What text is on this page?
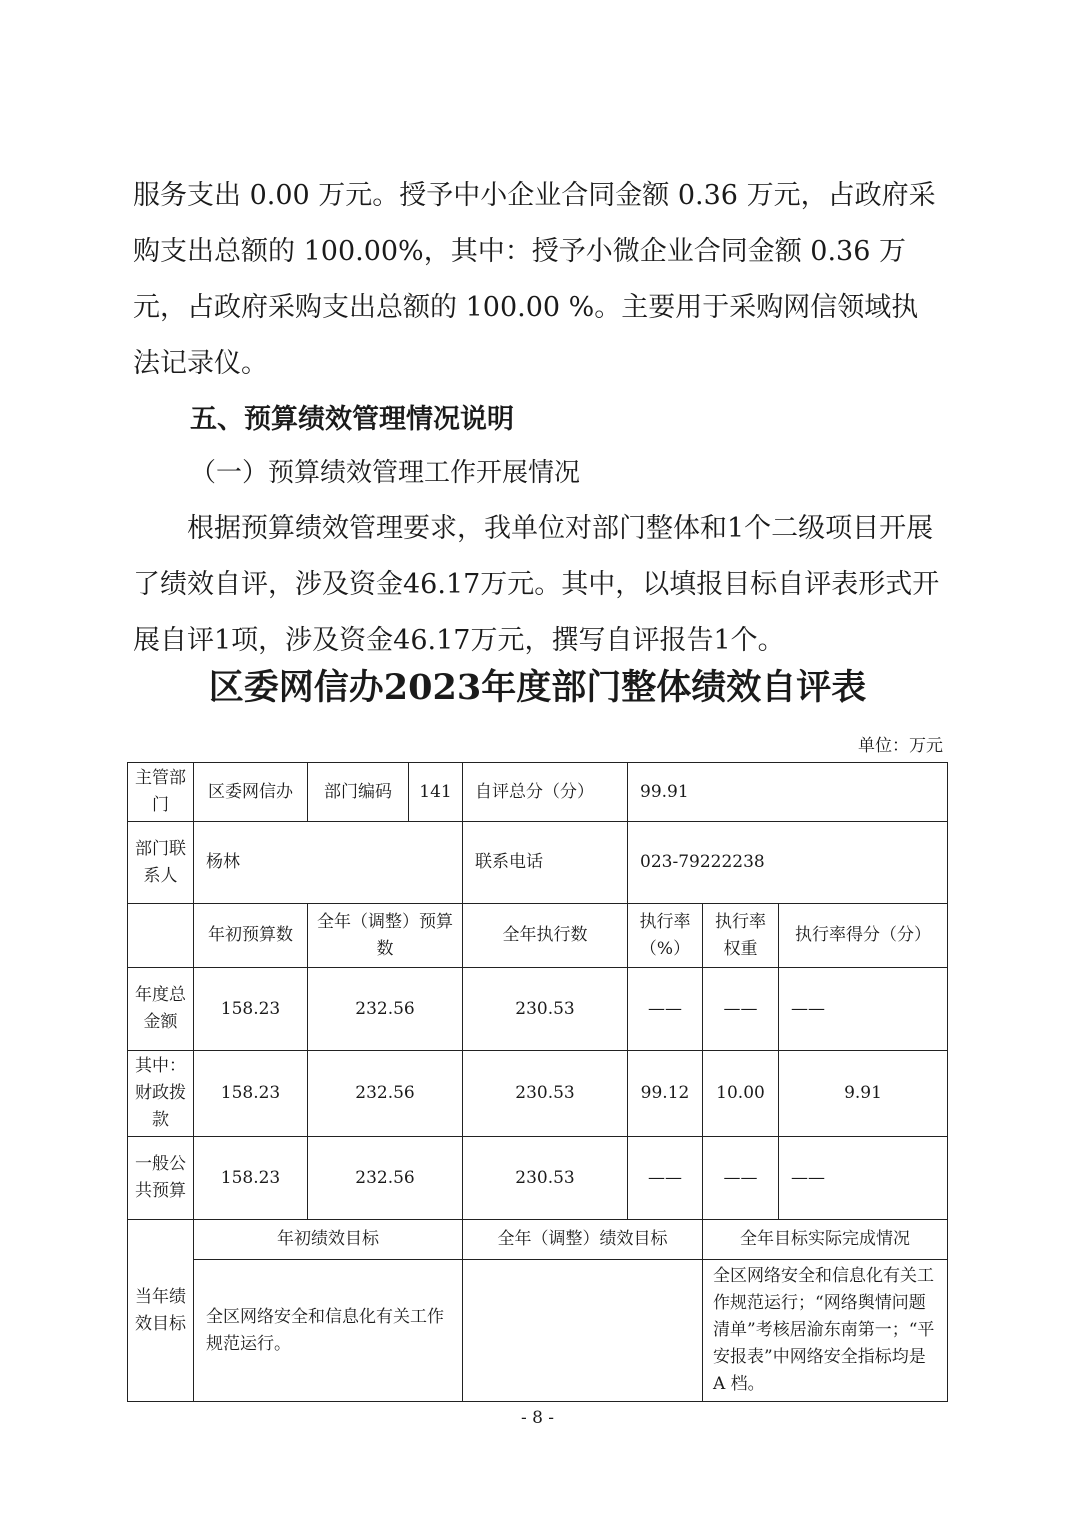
服务支出 0.00 万元。授予中小企业合同金额 0.36 万元，占政府采购支出总额的 100.00%，其中：授予小微企业合同金额 0.36 万元，占政府采购支出总额的 100.00 %。主要用于采购网信领域执法记录仪。

五、预算绩效管理情况说明

（一）预算绩效管理工作开展情况

根据预算绩效管理要求，我单位对部门整体和1个二级项目开展了绩效自评，涉及资金46.17万元。其中，以填报目标自评表形式开展自评1项，涉及资金46.17万元，撰写自评报告1个。

区委网信办2023年度部门整体绩效自评表
单位：万元
主管部门	区委网信办	部门编码	141	自评总分（分）	99.91		
部门联系人	杨林			联系电话	023-79222238		
	年初预算数	全年（调整）预算数		全年执行数	执行率（%）	执行率权重	执行率得分（分）
年度总金额	158.23	232.56		230.53	——	——	——
其中：财政拨款	158.23	232.56		230.53	99.12	10.00	9.91
一般公共预算	158.23	232.56		230.53	——	——	——
当年绩效目标	年初绩效目标			全年（调整）绩效目标		全年目标实际完成情况	
	全区网络安全和信息化有关工作规范运行。					全区网络安全和信息化有关工作规范运行；“网络舆情问题清单”考核居渝东南第一；“平安报表”中网络安全指标均是 A 档。	
- 8 -
